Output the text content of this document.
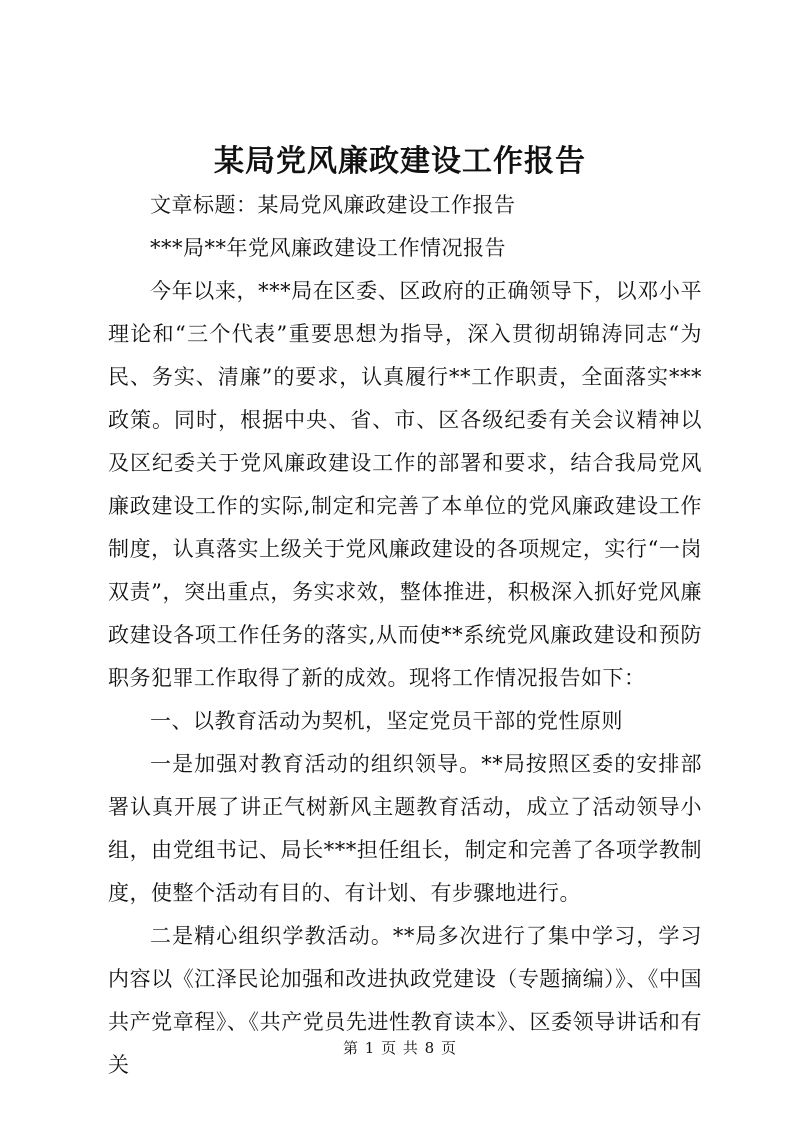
某局党风廉政建设工作报告

文章标题：某局党风廉政建设工作报告

***局**年党风廉政建设工作情况报告

今年以来，***局在区委、区政府的正确领导下，以邓小平理论和“三个代表”重要思想为指导，深入贯彻胡锦涛同志“为民、务实、清廉”的要求，认真履行**工作职责，全面落实***政策。同时，根据中央、省、市、区各级纪委有关会议精神以及区纪委关于党风廉政建设工作的部署和要求，结合我局党风廉政建设工作的实际,制定和完善了本单位的党风廉政建设工作制度，认真落实上级关于党风廉政建设的各项规定，实行“一岗双责”，突出重点，务实求效，整体推进，积极深入抓好党风廉政建设各项工作任务的落实,从而使**系统党风廉政建设和预防职务犯罪工作取得了新的成效。现将工作情况报告如下：

一、以教育活动为契机，坚定党员干部的党性原则

一是加强对教育活动的组织领导。**局按照区委的安排部署认真开展了讲正气树新风主题教育活动，成立了活动领导小组，由党组书记、局长***担任组长，制定和完善了各项学教制度，使整个活动有目的、有计划、有步骤地进行。

二是精心组织学教活动。**局多次进行了集中学习，学习内容以《江泽民论加强和改进执政党建设（专题摘编）》、《中国共产党章程》、《共产党员先进性教育读本》、区委领导讲话和有关

第 1 页 共 8 页
